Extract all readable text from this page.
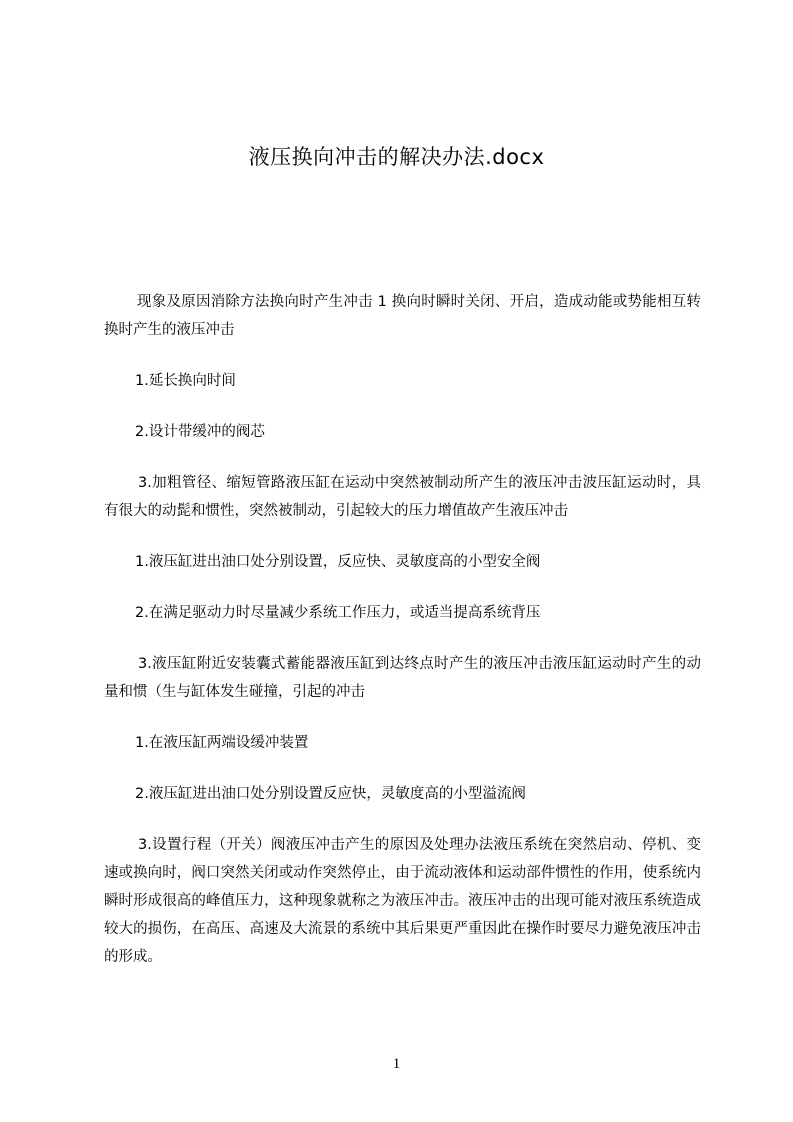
液压换向冲击的解决办法.docx

现象及原因消除方法换向时产生冲击 1 换向时瞬时关闭、开启，造成动能或势能相互转换时产生的液压冲击

1.延长换向时间

2.设计带缓冲的阀芯

3.加粗管径、缩短管路液压缸在运动中突然被制动所产生的液压冲击波压缸运动时，具有很大的动髭和惯性，突然被制动，引起较大的压力增值故产生液压冲击

1.液压缸进出油口处分别设置，反应快、灵敏度高的小型安全阀

2.在满足驱动力时尽量减少系统工作压力，或适当提高系统背压

3.液压缸附近安装囊式蓄能器液压缸到达终点时产生的液压冲击液压缸运动时产生的动量和惯（生与缸体发生碰撞，引起的冲击

1.在液压缸两端设缓冲装置

2.液压缸进出油口处分别设置反应快，灵敏度高的小型溢流阀

3.设置行程（开关）阀液压冲击产生的原因及处理办法液压系统在突然启动、停机、变速或换向时，阀口突然关闭或动作突然停止，由于流动液体和运动部件惯性的作用，使系统内瞬时形成很高的峰值压力，这种现象就称之为液压冲击。液压冲击的出现可能对液压系统造成较大的损伤，在高压、高速及大流景的系统中其后果更严重因此在操作时要尽力避免液压冲击的形成。

1
